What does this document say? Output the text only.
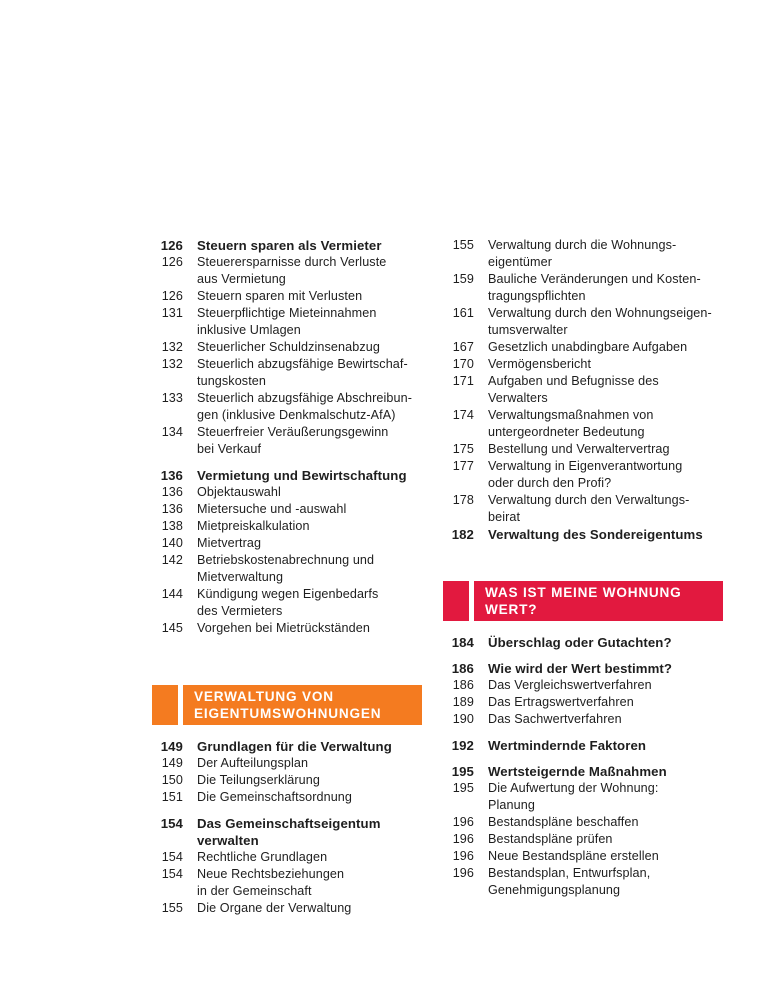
126	Steuern sparen als Vermieter
126	Steuerersparnisse durch Verluste
aus Vermietung
126	Steuern sparen mit Verlusten
131	Steuerpflichtige Mieteinnahmen
inklusive Umlagen
132	Steuerlicher Schuldzinsenabzug
132	Steuerlich abzugsfähige Bewirtschaf-
tungskosten
133	Steuerlich abzugsfähige Abschreibun-
gen (inklusive Denkmalschutz-AfA)
134	Steuerfreier Veräußerungsgewinn
bei Verkauf
136	Vermietung und Bewirtschaftung
136	Objektauswahl
136	Mietersuche und -auswahl
138	Mietpreiskalkulation
140	Mietvertrag
142	Betriebskostenabrechnung und
Mietverwaltung
144	Kündigung wegen Eigenbedarfs
des Vermieters
145	Vorgehen bei Mietrückständen
VERWALTUNG VON
EIGENTUMSWOHNUNGEN
149	Grundlagen für die Verwaltung
149	Der Aufteilungsplan
150	Die Teilungserklärung
151	Die Gemeinschaftsordnung
154	Das Gemeinschaftseigentum
verwalten
154	Rechtliche Grundlagen
154	Neue Rechtsbeziehungen
in der Gemeinschaft
155	Die Organe der Verwaltung
155	Verwaltung durch die Wohnungs-
eigentümer
159	Bauliche Veränderungen und Kosten-
tragungspflichten
161	Verwaltung durch den Wohnungseigen-
tumsverwalter
167	Gesetzlich unabdingbare Aufgaben
170	Vermögensbericht
171	Aufgaben und Befugnisse des
Verwalters
174	Verwaltungsmaßnahmen von
untergeordneter Bedeutung
175	Bestellung und Verwaltervertrag
177	Verwaltung in Eigenverantwortung
oder durch den Profi?
178	Verwaltung durch den Verwaltungs-
beirat
182	Verwaltung des Sondereigentums
WAS IST MEINE WOHNUNG
WERT?
184	Überschlag oder Gutachten?
186	Wie wird der Wert bestimmt?
186	Das Vergleichswertverfahren
189	Das Ertragswertverfahren
190	Das Sachwertverfahren
192	Wertmindernde Faktoren
195	Wertsteigernde Maßnahmen
195	Die Aufwertung der Wohnung:
Planung
196	Bestandspläne beschaffen
196	Bestandspläne prüfen
196	Neue Bestandspläne erstellen
196	Bestandsplan, Entwurfsplan,
Genehmigungsplanung
